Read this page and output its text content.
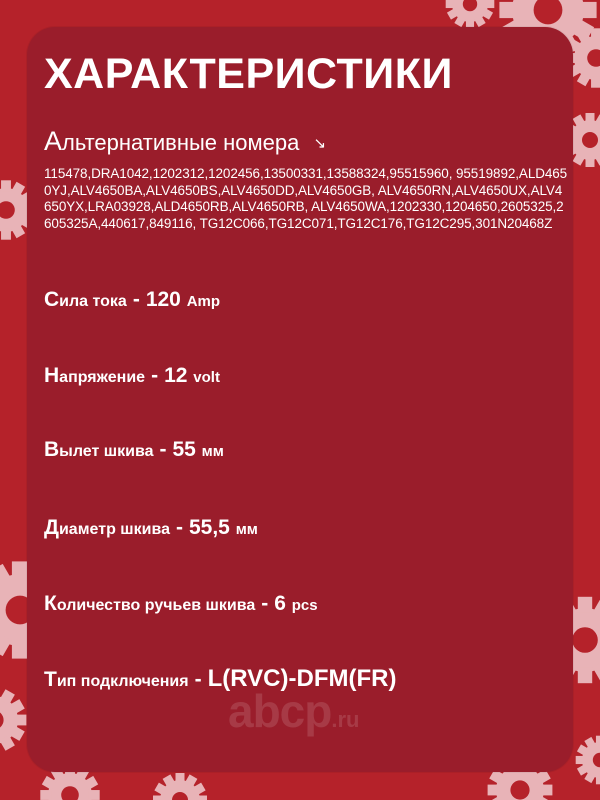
ХАРАКТЕРИСТИКИ
Альтернативные номера ↘
115478,DRA1042,1202312,1202456,13500331,13588324,95515960, 95519892,ALD4650YJ,ALV4650BA,ALV4650BS,ALV4650DD,ALV4650GB, ALV4650RN,ALV4650UX,ALV4650YX,LRA03928,ALD4650RB,ALV4650RB, ALV4650WA,1202330,1204650,2605325,2605325A,440617,849116, TG12C066,TG12C071,TG12C176,TG12C295,301N20468Z
Сила тока - 120 Amp
Напряжение - 12 volt
Вылет шкива - 55 мм
Диаметр шкива - 55,5 мм
Количество ручьев шкива - 6 pcs
Тип подключения - L(RVC)-DFM(FR)
abcp.ru
